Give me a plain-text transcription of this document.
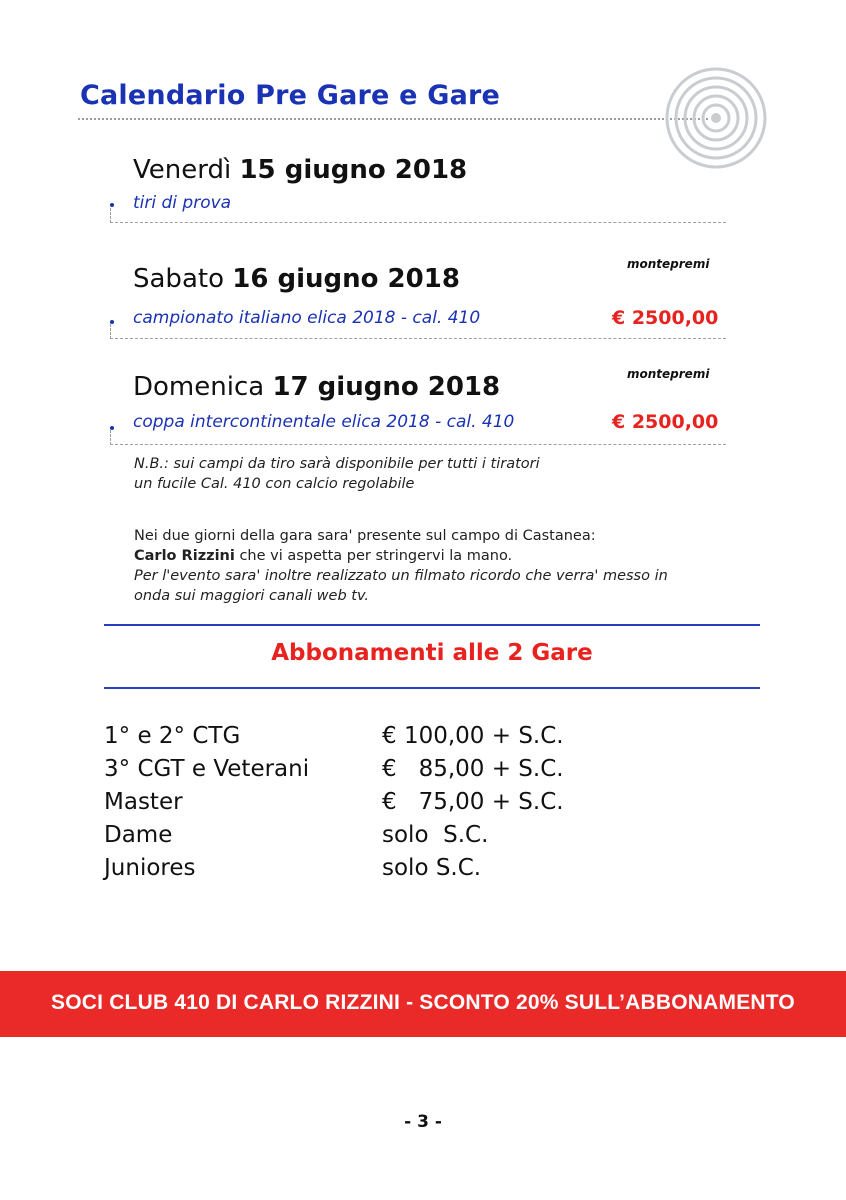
Calendario Pre Gare e Gare
Venerdì 15 giugno 2018
tiri di prova
montepremi
Sabato 16 giugno 2018
campionato italiano elica 2018 - cal. 410	€ 2500,00
montepremi
Domenica 17 giugno 2018
coppa intercontinentale elica 2018 - cal. 410	€ 2500,00
N.B.: sui campi da tiro sarà disponibile per tutti i tiratori
un fucile Cal. 410 con calcio regolabile
Nei due giorni della gara sara' presente sul campo di Castanea:
Carlo Rizzini che vi aspetta per stringervi la mano.
Per l'evento sara' inoltre realizzato un filmato ricordo che verra' messo in
onda sui maggiori canali web tv.
Abbonamenti alle 2 Gare
1° e 2° CTG	€ 100,00 + S.C.
3° CGT e Veterani	€   85,00 + S.C.
Master	€   75,00 + S.C.
Dame	solo  S.C.
Juniores	solo S.C.
SOCI CLUB 410 DI CARLO RIZZINI - SCONTO 20% SULL’ABBONAMENTO
- 3 -
